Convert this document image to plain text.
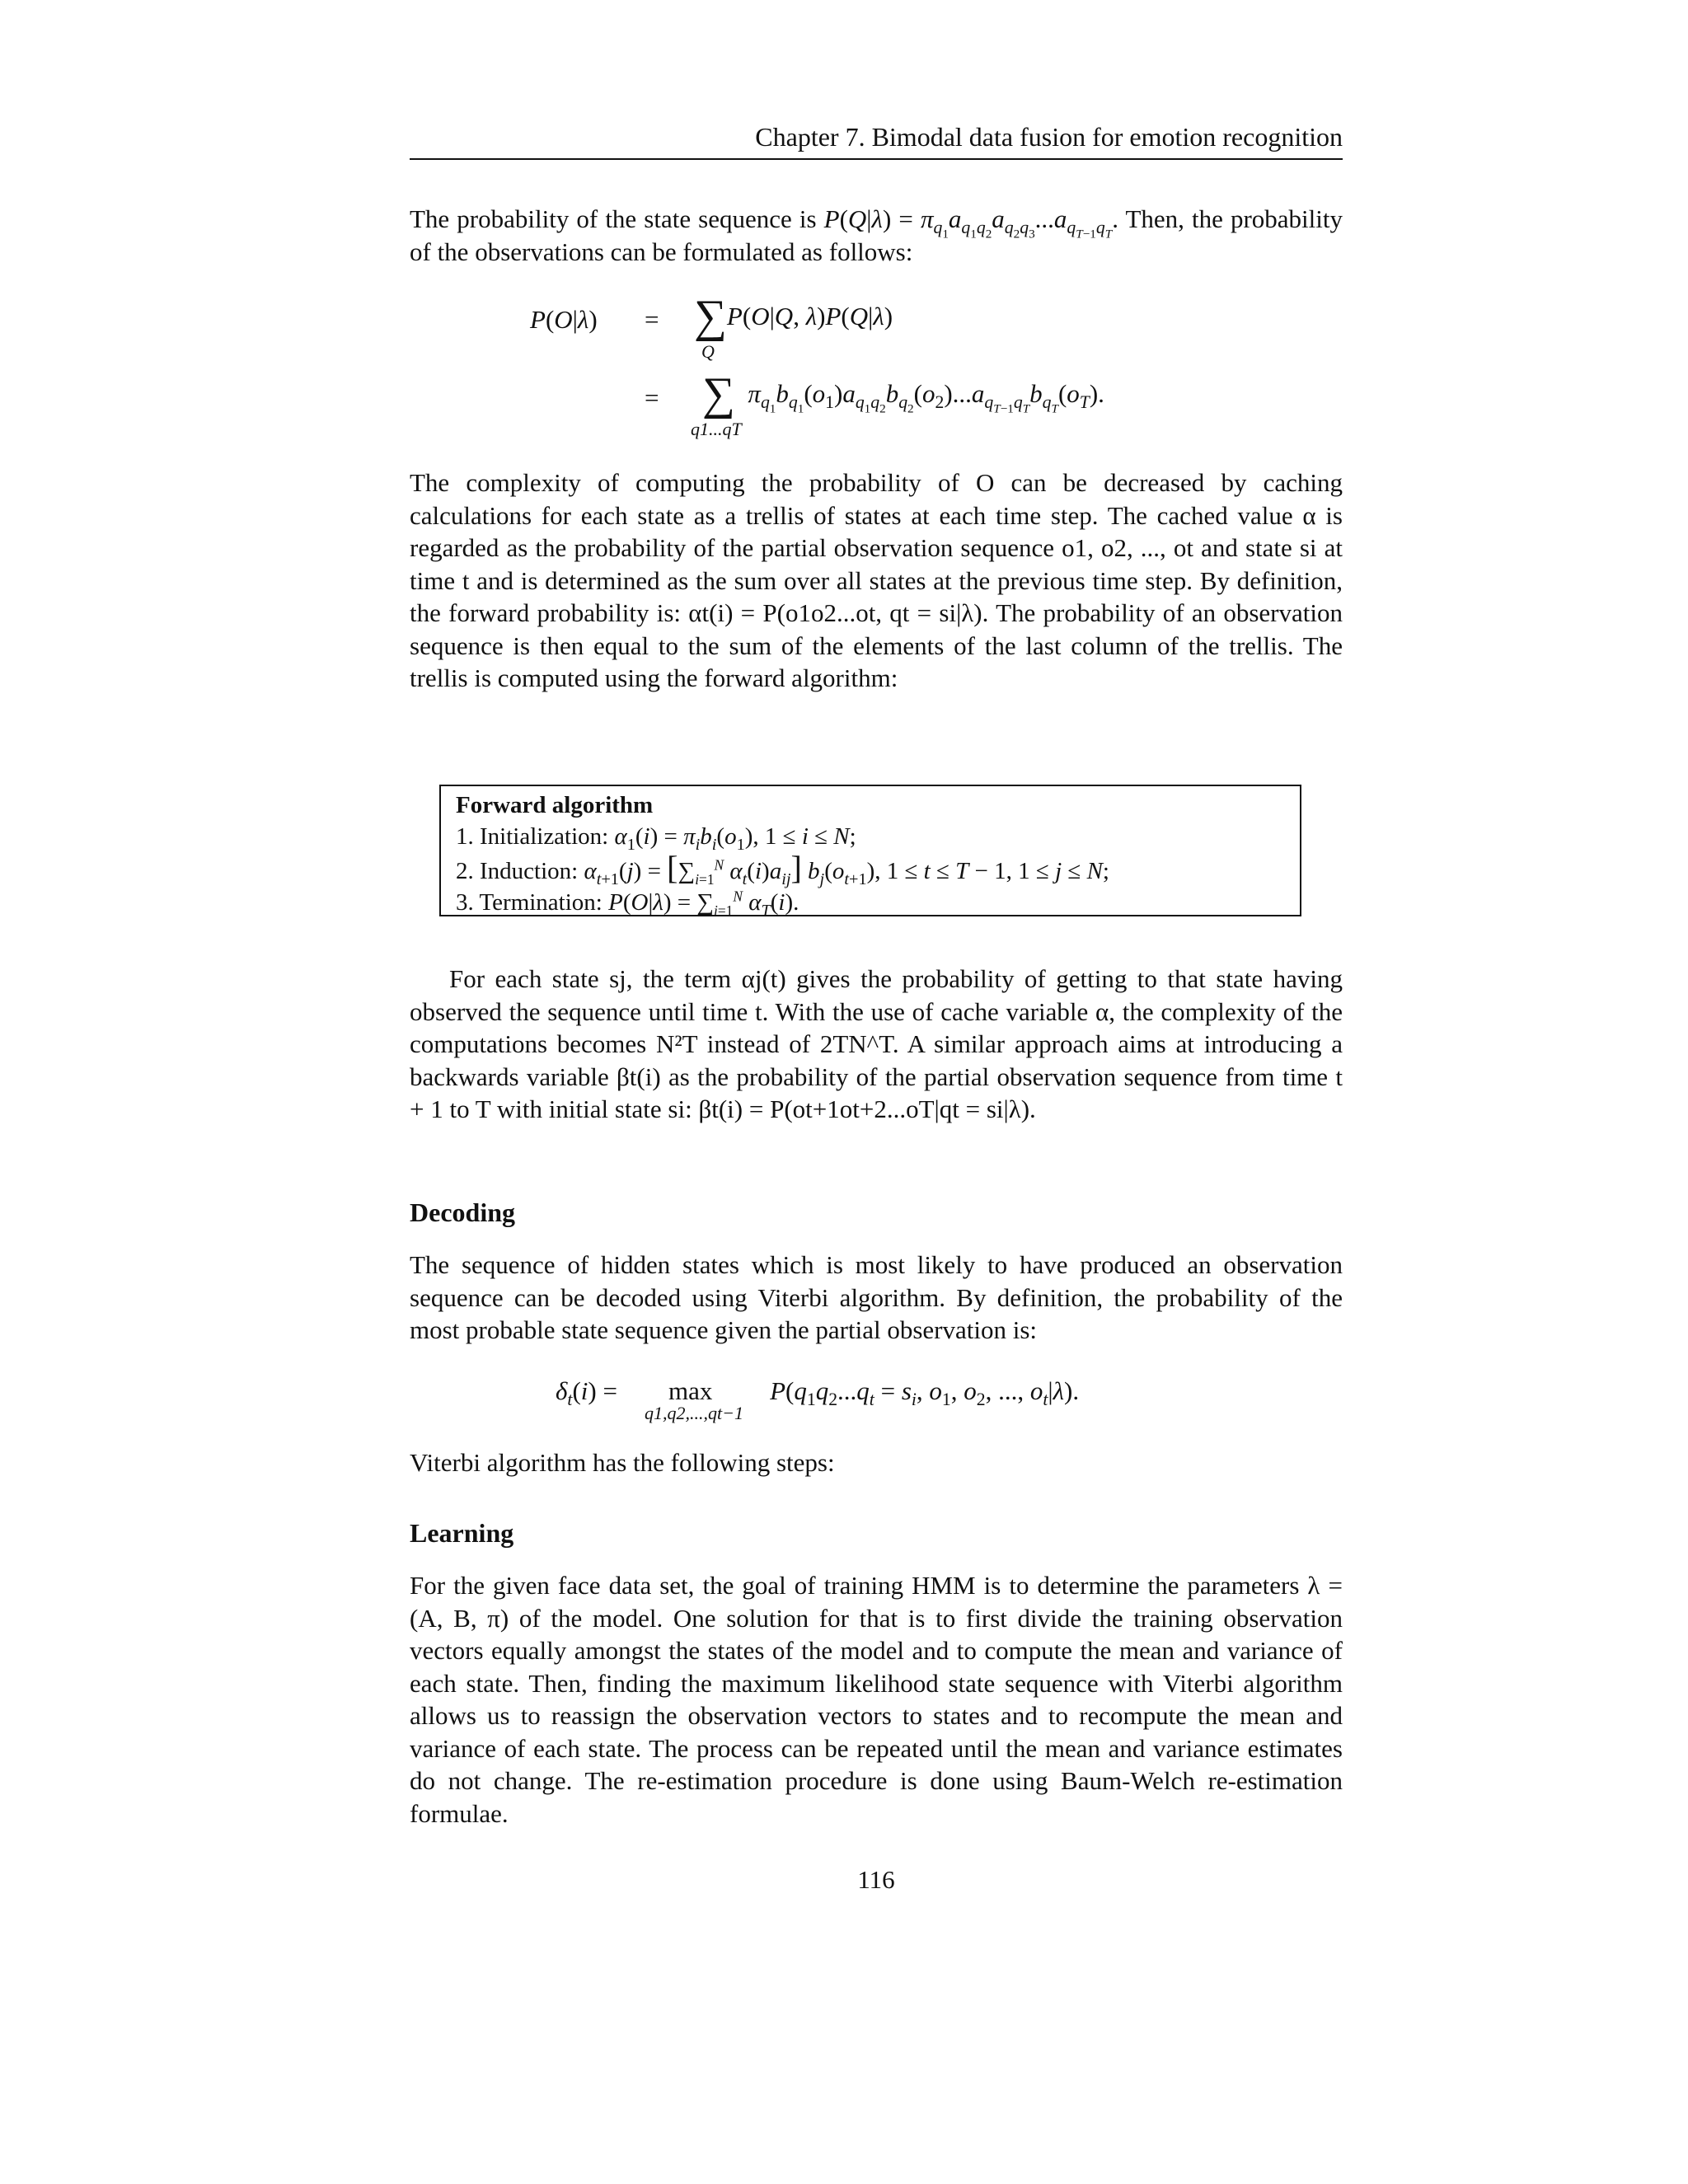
Chapter 7. Bimodal data fusion for emotion recognition

The probability of the state sequence is $P(Q|\lambda) = \pi_{q_1}a_{q_1q_2}a_{q_2q_3}...a_{q_{T-1}q_T}$. Then, the probability of the observations can be formulated as follows:

P(O|λ) = ∑P(O|Q, λ)P(Q|λ)
Q
= ∑ $\pi_{q_1}b_{q_1}(o_1)a_{q_1q_2}b_{q_2}(o_2)...a_{q_{T-1}q_T}b_{q_T}(o_T)$.
q1...qT

The complexity of computing the probability of O can be decreased by caching calculations for each state as a trellis of states at each time step. The cached value α is regarded as the probability of the partial observation sequence o1, o2, ..., ot and state si at time t and is determined as the sum over all states at the previous time step. By definition, the forward probability is: αt(i) = P(o1o2...ot, qt = si|λ). The probability of an observation sequence is then equal to the sum of the elements of the last column of the trellis. The trellis is computed using the forward algorithm:

Forward algorithm
1. Initialization: $\alpha_1(i) = \pi_ib_i(o_1)$, 1 ≤ i ≤ N;
2. Induction: $\alpha_{t+1}(j) = [\sum_{i=1}^N$ $\alpha_t(i)a_{ij}$] $b_j(o_{t+1})$, 1 ≤ t ≤ T − 1, 1 ≤ j ≤ N;
3. Termination: $P(O|\lambda) = \sum_{i=1}^N$ $\alpha_T(i)$.

For each state sj, the term αj(t) gives the probability of getting to that state having observed the sequence until time t. With the use of cache variable α, the complexity of the computations becomes N²T instead of 2TN^T. A similar approach aims at introducing a backwards variable βt(i) as the probability of the partial observation sequence from time t + 1 to T with initial state si: βt(i) = P(ot+1ot+2...oT|qt = si|λ).

Decoding

The sequence of hidden states which is most likely to have produced an observation sequence can be decoded using Viterbi algorithm. By definition, the probability of the most probable state sequence given the partial observation is:

$\delta_t(i)$ =        max         $P(q_1q_2...q_t = s_i$, $o_1$, $o_2$, ..., $o_t|\lambda$).
q1,q2,...,qt−1

Viterbi algorithm has the following steps:

Learning

For the given face data set, the goal of training HMM is to determine the parameters λ = (A, B, π) of the model. One solution for that is to first divide the training observation vectors equally amongst the states of the model and to compute the mean and variance of each state. Then, finding the maximum likelihood state sequence with Viterbi algorithm allows us to reassign the observation vectors to states and to recompute the mean and variance of each state. The process can be repeated until the mean and variance estimates do not change. The re-estimation procedure is done using Baum-Welch re-estimation formulae.

116
